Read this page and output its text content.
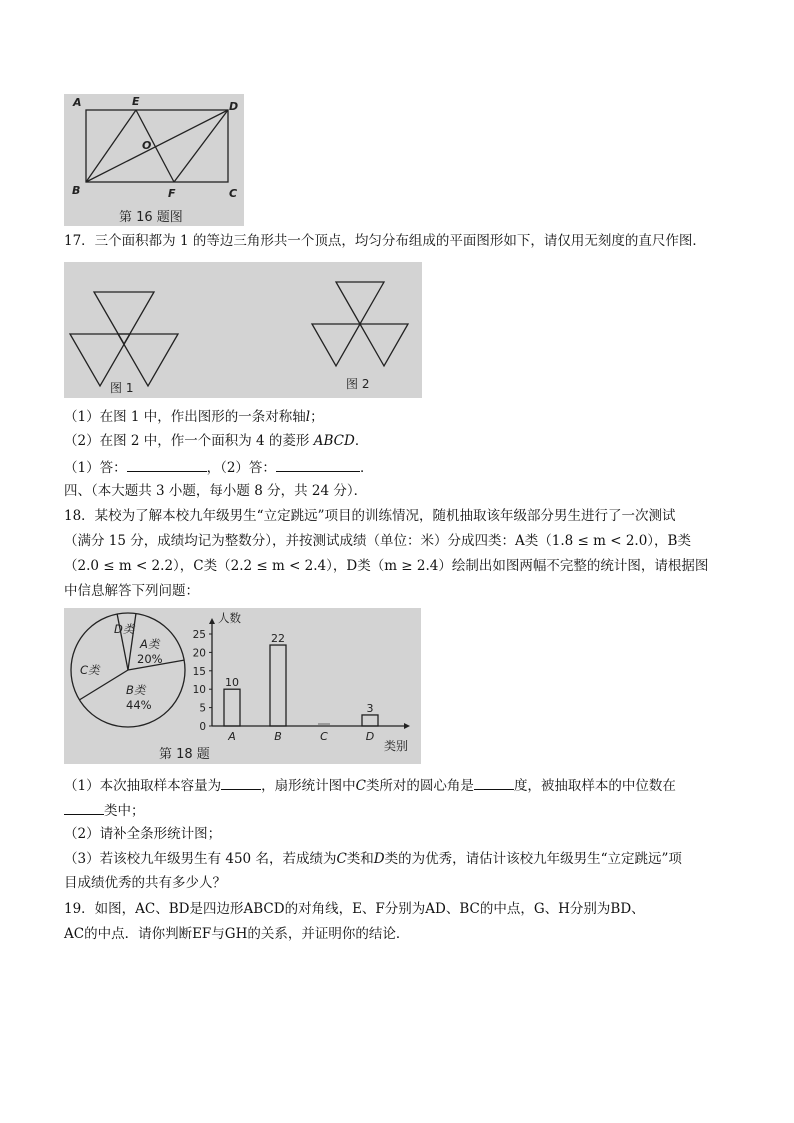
A	E	D
O
B	F	C
第 16 题图
17．三个面积都为 1 的等边三角形共一个顶点，均匀分布组成的平面图形如下，请仅用无刻度的直尺作图．
图 1	图 2
（1）在图 1 中，作出图形的一条对称轴l；
（2）在图 2 中，作一个面积为 4 的菱形 ABCD．
（1）答：	，（2）答：	．
四、（本大题共 3 小题，每小题 8 分，共 24 分）．
18．某校为了解本校九年级男生“立定跳远”项目的训练情况，随机抽取该年级部分男生进行了一次测试
（满分 15 分，成绩均记为整数分），并按测试成绩（单位：米）分成四类：A类（1.8 ≤ m < 2.0），B类
（2.0 ≤ m < 2.2），C类（2.2 ≤ m < 2.4），D类（m ≥ 2.4）绘制出如图两幅不完整的统计图，请根据图
中信息解答下列问题：
A类
20%
B类
44%
C类
D类
人数
类别
0
5
10
15
20
25
A
10
B
22
C	D
3
第 18 题
（1）本次抽取样本容量为	，扇形统计图中C类所对的圆心角是	度，被抽取样本的中位数在
类中；
（2）请补全条形统计图；
（3）若该校九年级男生有 450 名，若成绩为C类和D类的为优秀，请估计该校九年级男生“立定跳远”项
目成绩优秀的共有多少人？
19．如图，AC、BD是四边形ABCD的对角线，E、F分别为AD、BC的中点，G、H分别为BD、
AC的中点．请你判断EF与GH的关系，并证明你的结论．
